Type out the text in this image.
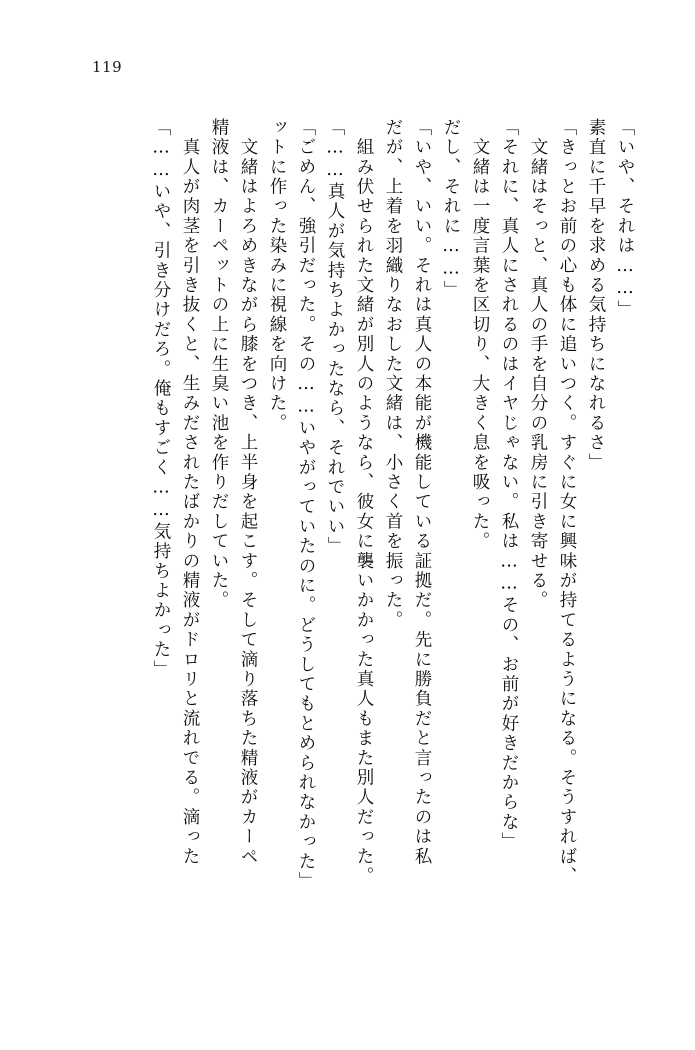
119
「……いや、引き分けだろ。俺もすごく……気持ちよかった」 　真人が肉茎を引き抜くと、生みだされたばかりの精液がドロリと流れでる。滴った 精液は、カーペットの上に生臭い池を作りだしていた。 　文緒はよろめきながら膝をつき、上半身を起こす。そして滴り落ちた精液がカーペ ットに作った染みに視線を向けた。 「ごめん、強引だった。その……いやがっていたのに。どうしてもとめられなかった」 「……真人が気持ちよかったなら、それでいい」 　組み伏せられた文緒が別人のようなら、彼女に襲いかかった真人もまた別人だった。 だが、上着を羽織りなおした文緒は、小さく首を振った。 「いや、いい。それは真人の本能が機能している証拠だ。先に勝負だと言ったのは私 だし、それに……」 　文緒は一度言葉を区切り、大きく息を吸った。 「それに、真人にされるのはイヤじゃない。私は……その、お前が好きだからな」 　文緒はそっと、真人の手を自分の乳房に引き寄せる。 「きっとお前の心も体に追いつく。すぐに女に興味が持てるようになる。そうすれば、 素直に千早を求める気持ちになれるさ」 「いや、それは……」
